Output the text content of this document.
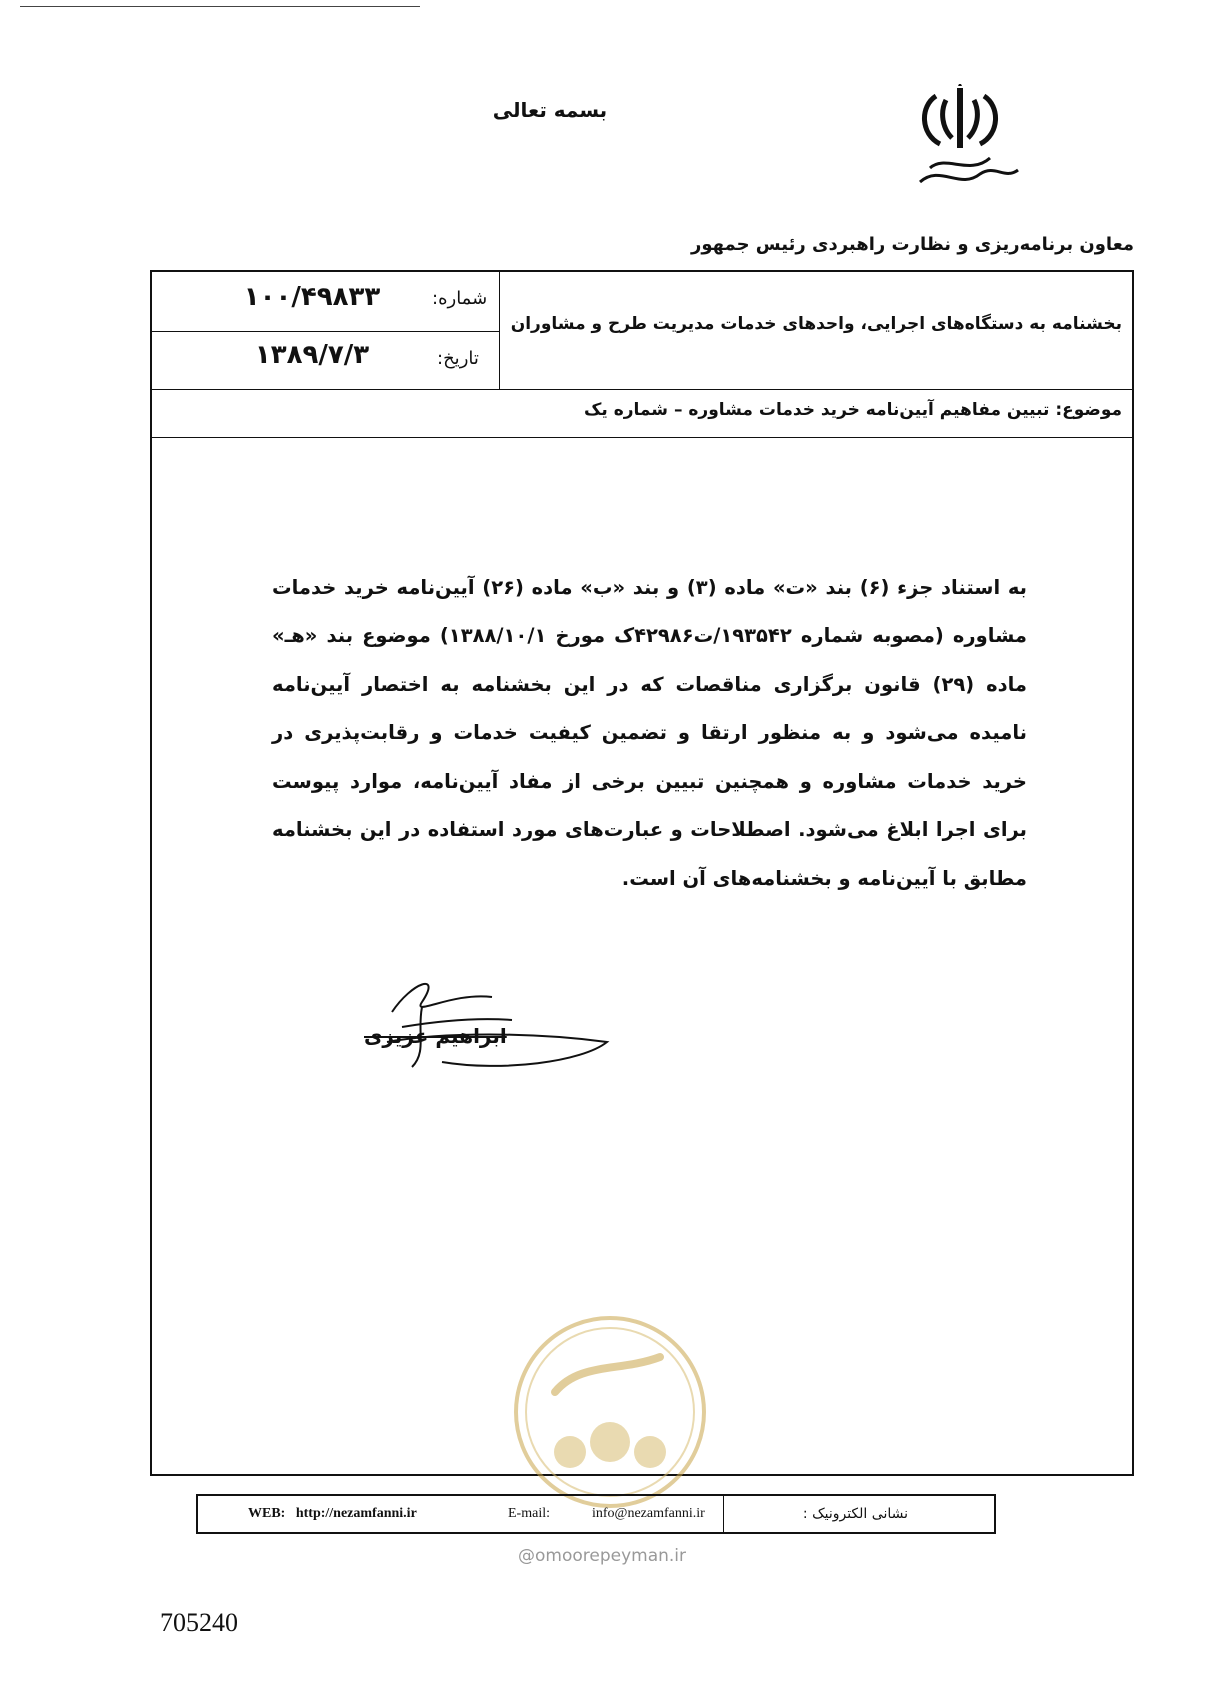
بسمه تعالی
معاون برنامه‌ریزی و نظارت راهبردی رئیس جمهور
شماره:
۱۰۰/۴۹۸۳۳
تاریخ:
۱۳۸۹/۷/۳
بخشنامه به دستگاه‌های اجرایی، واحدهای خدمات مدیریت طرح و مشاوران
موضوع: تبیین مفاهیم آیین‌نامه خرید خدمات مشاوره – شماره یک

به استناد جزء (۶) بند «ت» ماده (۳) و بند «ب» ماده (۲۶) آیین‌نامه خرید خدمات مشاوره (مصوبه شماره ۱۹۳۵۴۲/ت۴۲۹۸۶ک مورخ ۱۳۸۸/۱۰/۱) موضوع بند «هـ» ماده (۲۹) قانون برگزاری مناقصات که در این بخشنامه به اختصار آیین‌نامه نامیده می‌شود و به منظور ارتقا و تضمین کیفیت خدمات و رقابت‌پذیری در خرید خدمات مشاوره و همچنین تبیین برخی از مفاد آیین‌نامه، موارد پیوست برای اجرا ابلاغ می‌شود. اصطلاحات و عبارت‌های مورد استفاده در این بخشنامه مطابق با آیین‌نامه و بخشنامه‌های آن است.

ابراهیم عزیزی
WEB: http://nezamfanni.ir	E-mail:	info@nezamfanni.ir	نشانی الکترونیک :
@omoorepeyman.ir
705240
